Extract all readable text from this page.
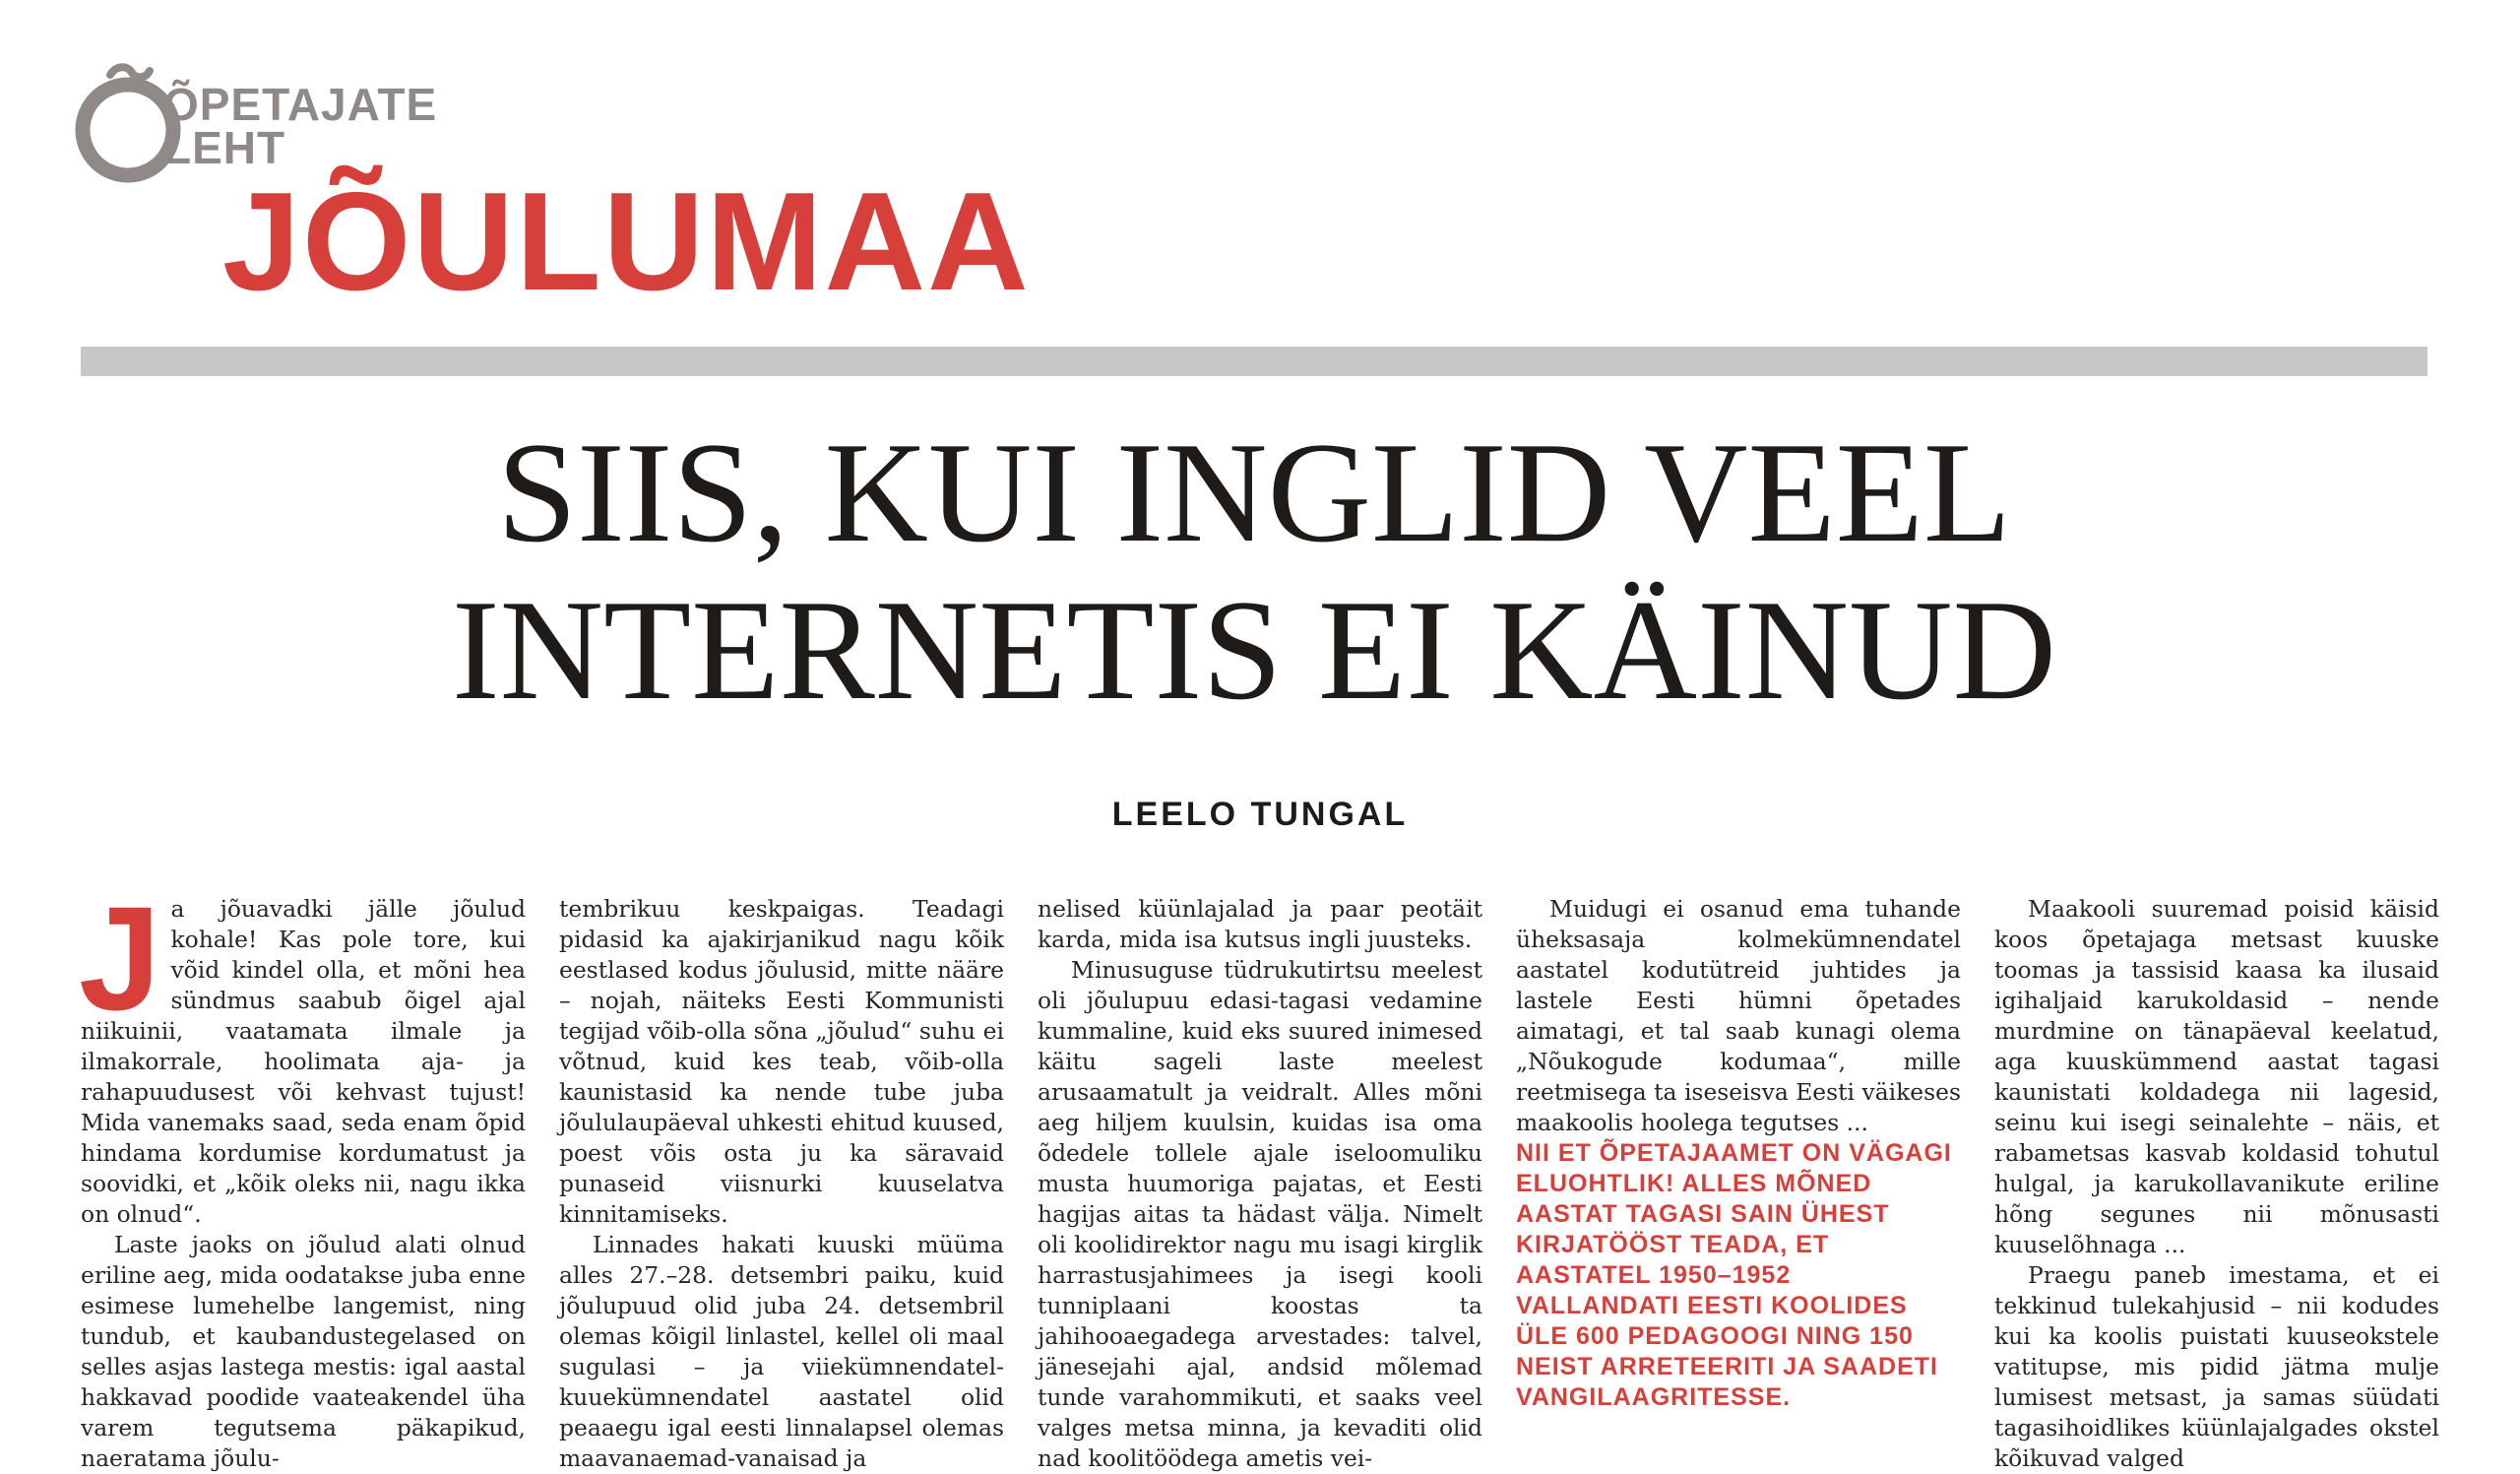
ÕPETAJATE
LEHT
JÕULUMAA
SIIS, KUI INGLID VEEL
INTERNETIS EI KÄINUD
LEELO TUNGAL

Ja jõuavadki jälle jõulud kohale! Kas pole tore, kui võid kindel olla, et mõni hea sündmus saabub õigel ajal niikuinii, vaatamata ilmale ja ilmakorrale, hoolimata aja- ja rahapuudusest või kehvast tujust! Mida vanemaks saad, seda enam õpid hindama kordumise kordumatust ja soovidki, et „kõik oleks nii, nagu ikka on olnud“.

Laste jaoks on jõulud alati olnud eriline aeg, mida oodatakse juba enne esimese lumehelbe langemist, ning tundub, et kaubandustegelased on selles asjas lastega mestis: igal aastal hakkavad poodide vaateakendel üha varem tegutsema päkapikud, naeratama jõulu-

tembrikuu keskpaigas. Teadagi pidasid ka ajakirjanikud nagu kõik eestlased kodus jõulusid, mitte nääre – nojah, näiteks Eesti Kommunisti tegijad võib-olla sõna „jõulud“ suhu ei võtnud, kuid kes teab, võib-olla kaunistasid ka nende tube juba jõululaupäeval uhkesti ehitud kuused, poest võis osta ju ka säravaid punaseid viisnurki kuuselatva kinnitamiseks.

Linnades hakati kuuski müüma alles 27.–28. detsembri paiku, kuid jõulupuud olid juba 24. detsembril olemas kõigil linlastel, kellel oli maal sugulasi – ja viiekümnendatel-kuuekümnendatel aastatel olid peaaegu igal eesti linnalapsel olemas maavanaemad-vanaisad ja

nelised küünlajalad ja paar peotäit karda, mida isa kutsus ingli juusteks.

Minusuguse tüdrukutirtsu meelest oli jõulupuu edasi-tagasi vedamine kummaline, kuid eks suured inimesed käitu sageli laste meelest arusaamatult ja veidralt. Alles mõni aeg hiljem kuulsin, kuidas isa oma õdedele tollele ajale iseloomuliku musta huumoriga pajatas, et Eesti hagijas aitas ta hädast välja. Nimelt oli koolidirektor nagu mu isagi kirglik harrastusjahimees ja isegi kooli tunniplaani koostas ta jahihooaegadega arvestades: talvel, jänesejahi ajal, andsid mõlemad tunde varahommikuti, et saaks veel valges metsa minna, ja kevaditi olid nad koolitöödega ametis vei-

Muidugi ei osanud ema tuhande üheksasaja kolmekümnendatel aastatel kodutütreid juhtides ja lastele Eesti hümni õpetades aimatagi, et tal saab kunagi olema „Nõukogude kodumaa“, mille reetmisega ta iseseisva Eesti väikeses maakoolis hoolega tegutses ...

NII ET ÕPETAJAAMET ON VÄGAGI ELUOHTLIK! ALLES MÕNED AASTAT TAGASI SAIN ÜHEST KIRJATÖÖST TEADA, ET AASTATEL 1950–1952 VALLANDATI EESTI KOOLIDES ÜLE 600 PEDAGOOGI NING 150 NEIST ARRETEERITI JA SAADETI VANGILAAGRITESSE.

Maakooli suuremad poisid käisid koos õpetajaga metsast kuuske toomas ja tassisid kaasa ka ilusaid igihaljaid karukoldasid – nende murdmine on tänapäeval keelatud, aga kuuskümmend aastat tagasi kaunistati koldadega nii lagesid, seinu kui isegi seinalehte – näis, et rabametsas kasvab koldasid tohutul hulgal, ja karukollavanikute eriline hõng segunes nii mõnusasti kuuselõhnaga ...

Praegu paneb imestama, et ei tekkinud tulekahjusid – nii kodudes kui ka koolis puistati kuuseokstele vatitupse, mis pidid jätma mulje lumisest metsast, ja samas süüdati tagasihoidlikes küünlajalgades okstel kõikuvad valged
